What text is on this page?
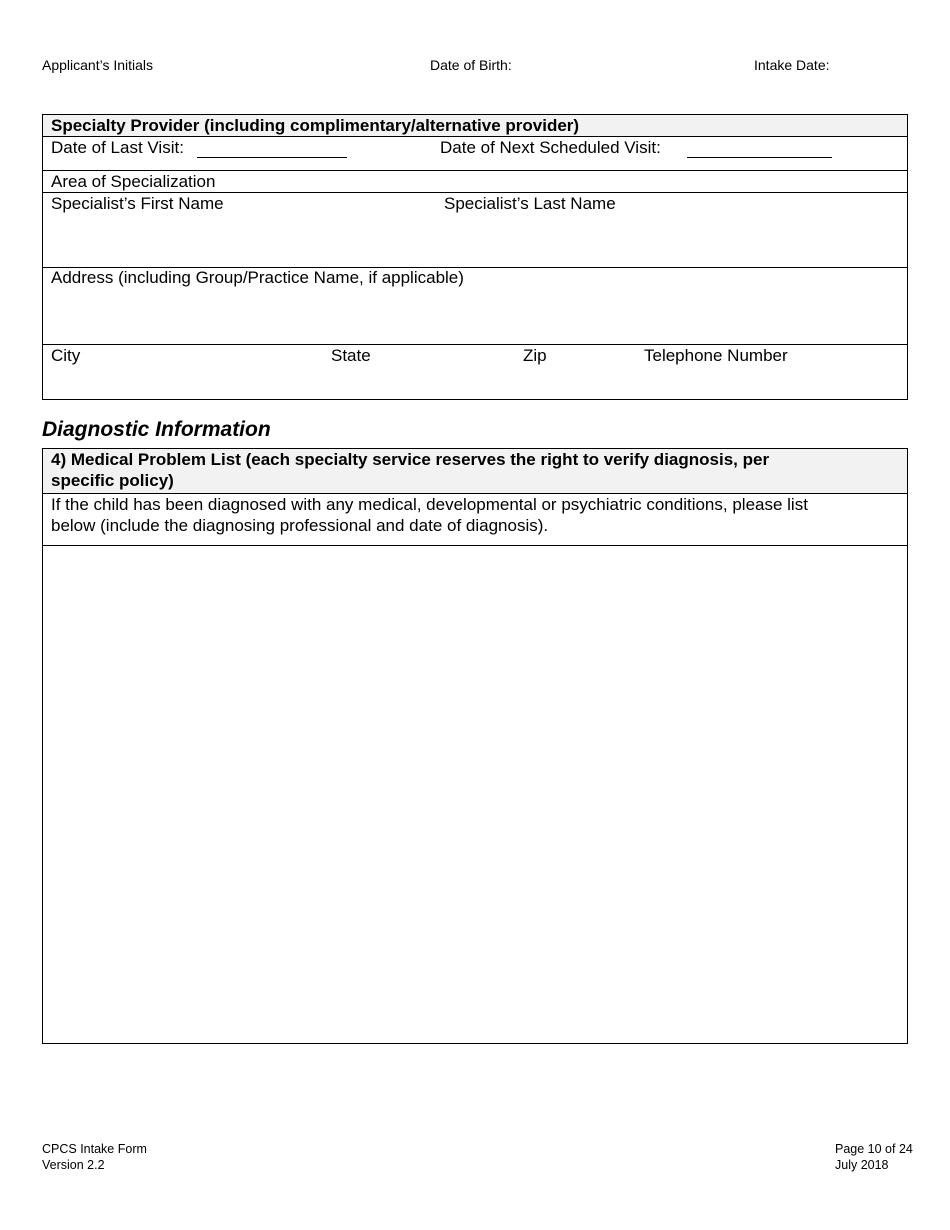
Applicant’s Initials	Date of Birth:	Intake Date:
Specialty Provider (including complimentary/alternative provider)
Date of Last Visit:	Date of Next Scheduled Visit:
Area of Specialization
Specialist’s First Name	Specialist’s Last Name
Address (including Group/Practice Name, if applicable)
City	State	Zip	Telephone Number
Diagnostic Information
4) Medical Problem List (each specialty service reserves the right to verify diagnosis, per
specific policy)
If the child has been diagnosed with any medical, developmental or psychiatric conditions, please list
below (include the diagnosing professional and date of diagnosis).
CPCS Intake Form
Version 2.2
Page 10 of 24
July 2018
